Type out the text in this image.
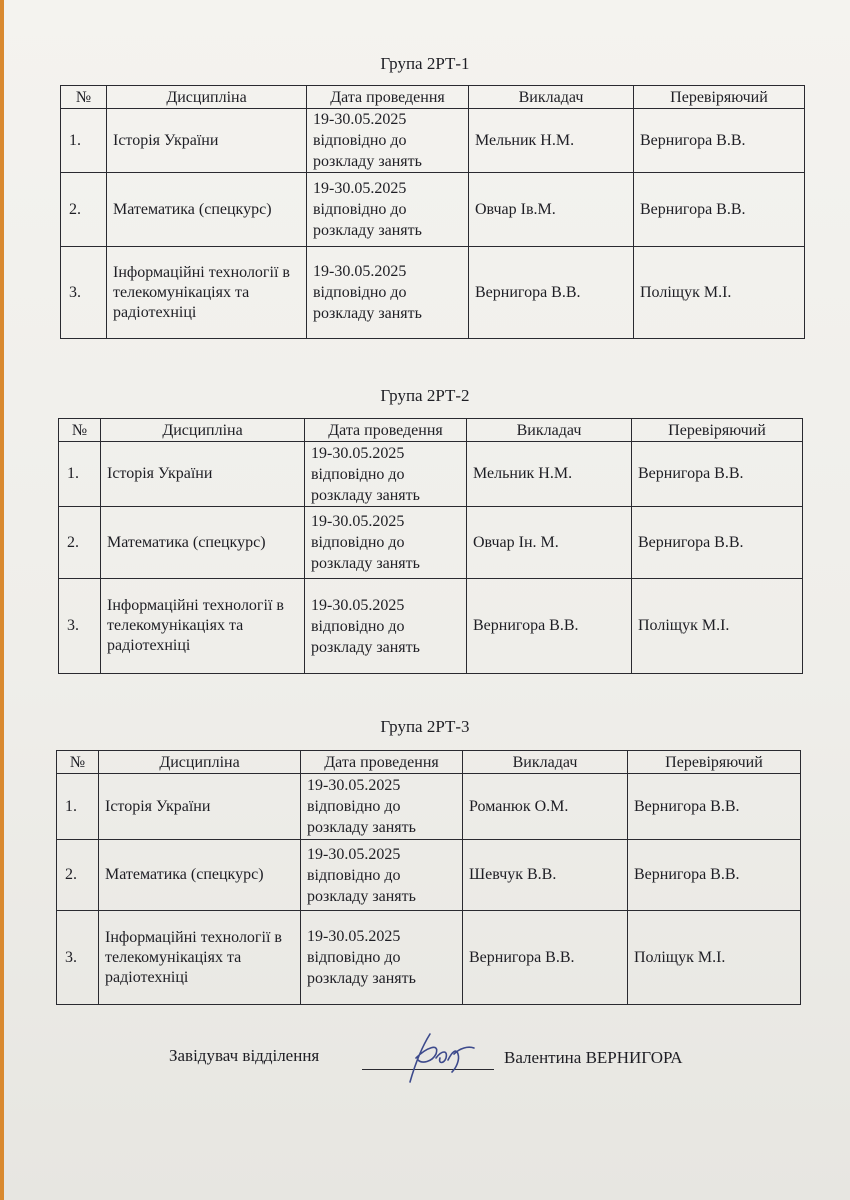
Група 2РТ-1
№	Дисципліна	Дата проведення	Викладач	Перевіряючий
1.	Історія України	19-30.05.2025 відповідно до розкладу занять	Мельник Н.М.	Вернигора В.В.
2.	Математика (спецкурс)	19-30.05.2025 відповідно до розкладу занять	Овчар Ів.М.	Вернигора В.В.
3.	Інформаційні технології в телекомунікаціях та радіотехніці	19-30.05.2025 відповідно до розкладу занять	Вернигора В.В.	Поліщук М.І.
Група 2РТ-2
№	Дисципліна	Дата проведення	Викладач	Перевіряючий
1.	Історія України	19-30.05.2025 відповідно до розкладу занять	Мельник Н.М.	Вернигора В.В.
2.	Математика (спецкурс)	19-30.05.2025 відповідно до розкладу занять	Овчар Ін. М.	Вернигора В.В.
3.	Інформаційні технології в телекомунікаціях та радіотехніці	19-30.05.2025 відповідно до розкладу занять	Вернигора В.В.	Поліщук М.І.
Група 2РТ-3
№	Дисципліна	Дата проведення	Викладач	Перевіряючий
1.	Історія України	19-30.05.2025 відповідно до розкладу занять	Романюк О.М.	Вернигора В.В.
2.	Математика (спецкурс)	19-30.05.2025 відповідно до розкладу занять	Шевчук В.В.	Вернигора В.В.
3.	Інформаційні технології в телекомунікаціях та радіотехніці	19-30.05.2025 відповідно до розкладу занять	Вернигора В.В.	Поліщук М.І.
Завідувач відділення	Валентина ВЕРНИГОРА
